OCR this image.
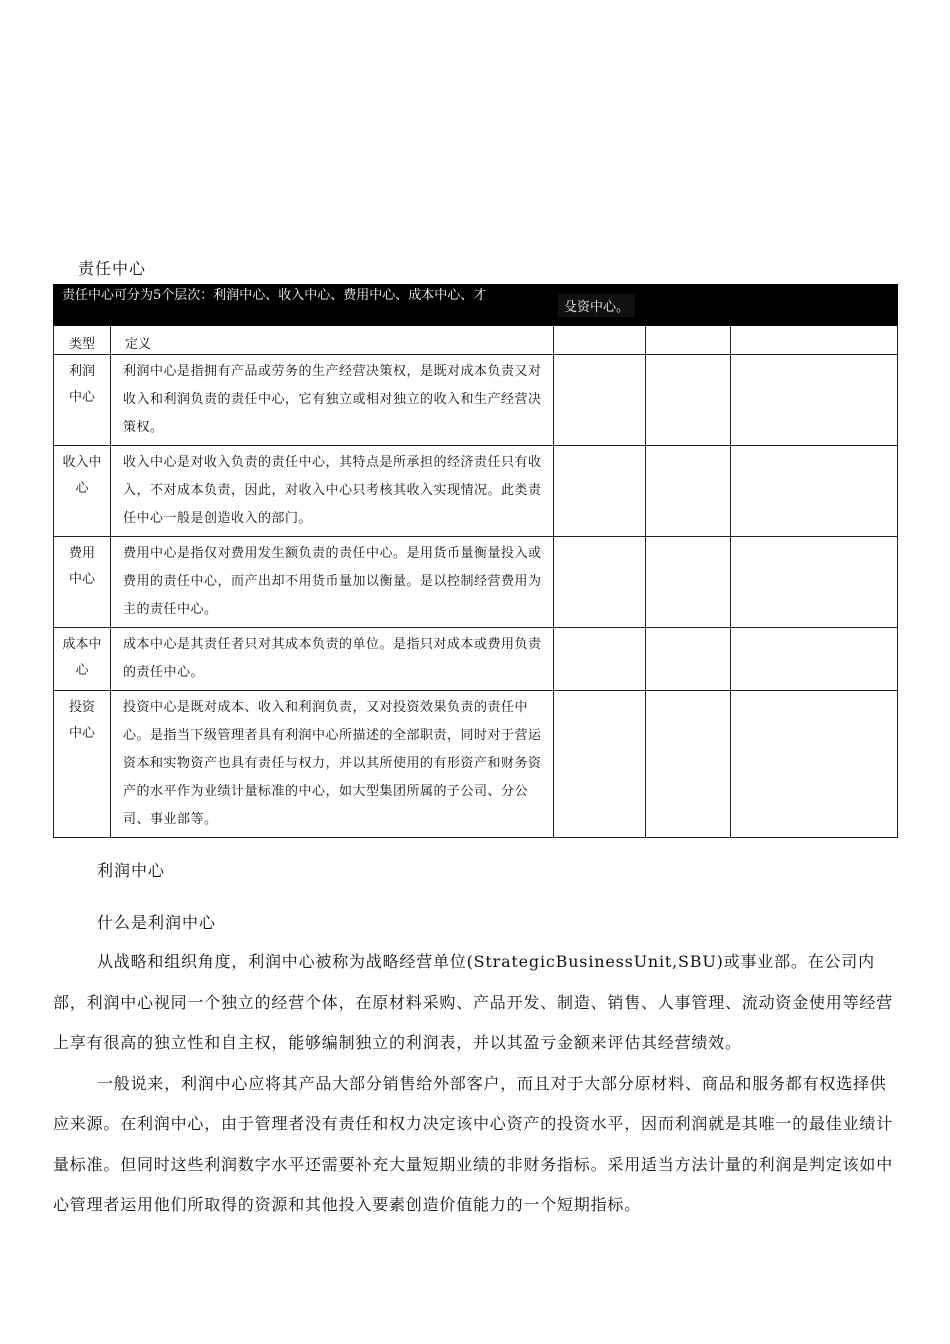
责任中心
责任中心可分为5个层次：利润中心、收入中心、费用中心、成本中心、才		殳资中心。		

类型	定义			

利润
中心	利润中心是指拥有产品或劳务的生产经营决策权，是既对成本负责又对收入和利润负责的责任中心，它有独立或相对独立的收入和生产经营决策权。			

收入中
心	收入中心是对收入负责的责任中心，其特点是所承担的经济责任只有收入，不对成本负责，因此，对收入中心只考核其收入实现情况。此类责任中心一般是创造收入的部门。			

费用
中心	费用中心是指仅对费用发生额负责的责任中心。是用货币量衡量投入或费用的责任中心，而产出却不用货币量加以衡量。是以控制经营费用为主的责任中心。			

成本中
心	成本中心是其责任者只对其成本负责的单位。是指只对成本或费用负责的责任中心。			

投资
中心	投资中心是既对成本、收入和利润负责，又对投资效果负责的责任中心。是指当下级管理者具有利润中心所描述的全部职责，同时对于营运资本和实物资产也具有责任与权力，并以其所使用的有形资产和财务资产的水平作为业绩计量标准的中心，如大型集团所属的子公司、分公司、事业部等。			
利润中心
什么是利润中心

从战略和组织角度，利润中心被称为战略经营单位(StrategicBusinessUnit,SBU)或事业部。在公司内部，利润中心视同一个独立的经营个体，在原材料采购、产品开发、制造、销售、人事管理、流动资金使用等经营上享有很高的独立性和自主权，能够编制独立的利润表，并以其盈亏金额来评估其经营绩效。

一般说来，利润中心应将其产品大部分销售给外部客户，而且对于大部分原材料、商品和服务都有权选择供应来源。在利润中心，由于管理者没有责任和权力决定该中心资产的投资水平，因而利润就是其唯一的最佳业绩计量标准。但同时这些利润数字水平还需要补充大量短期业绩的非财务指标。采用适当方法计量的利润是判定该如中心管理者运用他们所取得的资源和其他投入要素创造价值能力的一个短期指标。
